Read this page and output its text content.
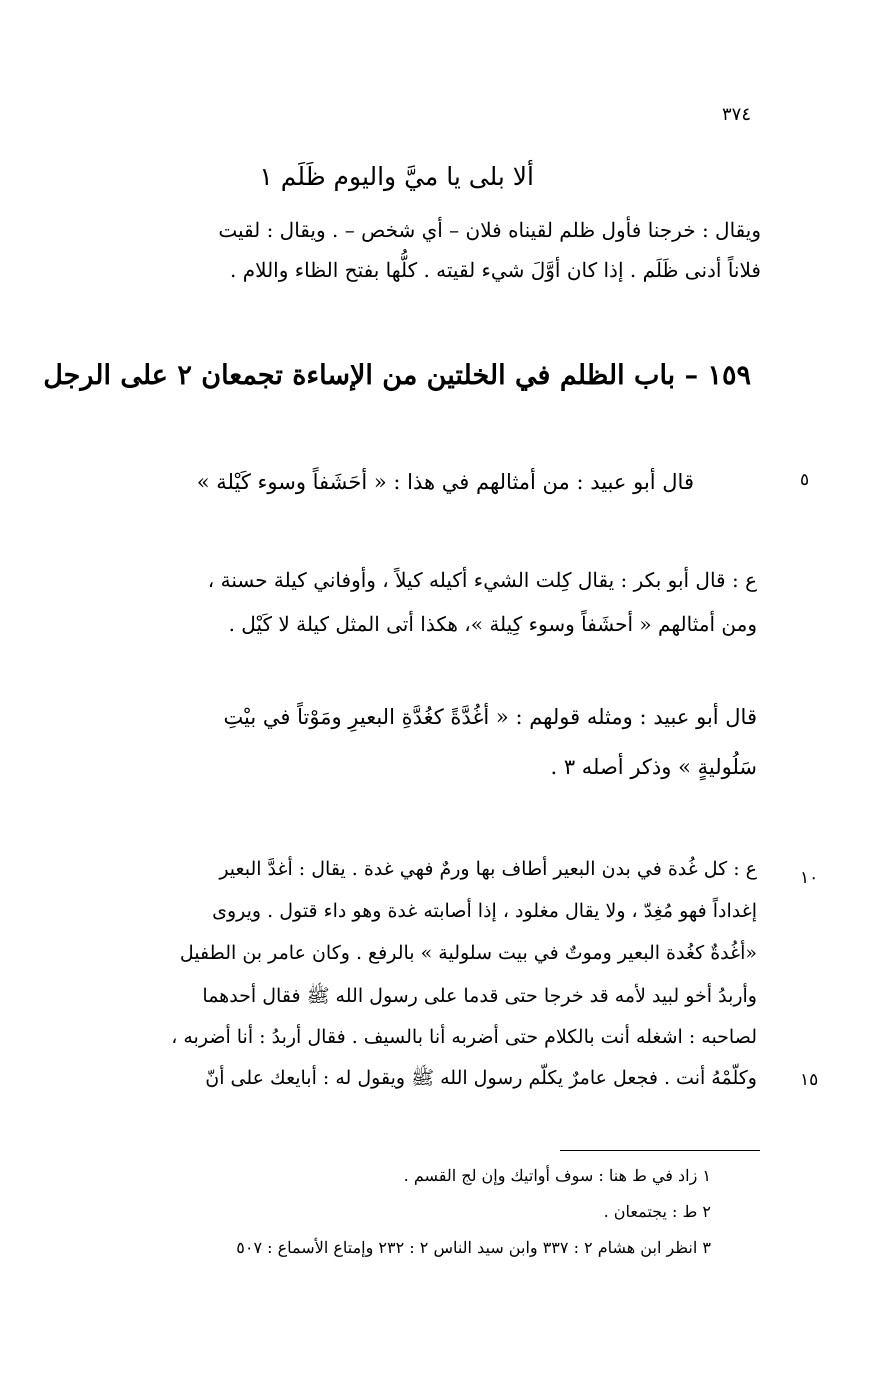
٣٧٤
ألا بلى يا ميَّ واليوم ظَلَم ١
ويقال : خرجنا فأول ظلم لقيناه فلان – أي شخص – . ويقال : لقيت
فلاناً أدنى ظَلَم . إذا كان أوَّلَ شيء لقيته . كلُّها بفتح الظاء واللام .
١٥٩ – باب الظلم في الخلتين من الإساءة تجمعان ٢ على الرجل
٥
قال أبو عبيد : من أمثالهم في هذا : « أحَشَفاً وسوء كَيْلة »
ع : قال أبو بكر : يقال كِلت الشيء أكيله كيلاً ، وأوفاني كيلة حسنة ،
ومن أمثالهم « أحشَفاً وسوء كِيلة »، هكذا أتى المثل كيلة لا كَيْل .
قال أبو عبيد : ومثله قولهم : « أغُدَّةً كغُدَّةِ البعيرِ ومَوْتاً في بيْتِ
سَلُوليةٍ » وذكر أصله ٣ .
١٠
ع : كل غُدة في بدن البعير أطاف بها ورمٌ فهي غدة . يقال : أغدَّ البعير
إغداداً فهو مُغِدّ ، ولا يقال مغلود ، إذا أصابته غدة وهو داء قتول . ويروى
«أغُدةٌ كغُدة البعير وموتٌ في بيت سلولية » بالرفع . وكان عامر بن الطفيل
وأربدُ أخو لبيد لأمه قد خرجا حتى قدما على رسول الله ﷺ فقال أحدهما
لصاحبه : اشغله أنت بالكلام حتى أضربه أنا بالسيف . فقال أربدُ : أنا أضربه ،
١٥
وكلّمْهُ أنت . فجعل عامرٌ يكلّم رسول الله ﷺ ويقول له : أبايعك على أنّ
١ زاد في ط هنا : سوف أواتيك وإن لج القسم .
٢ ط : يجتمعان .
٣ انظر ابن هشام ٢ : ٣٣٧ وابن سيد الناس ٢ : ٢٣٢ وإمتاع الأسماع : ٥٠٧
